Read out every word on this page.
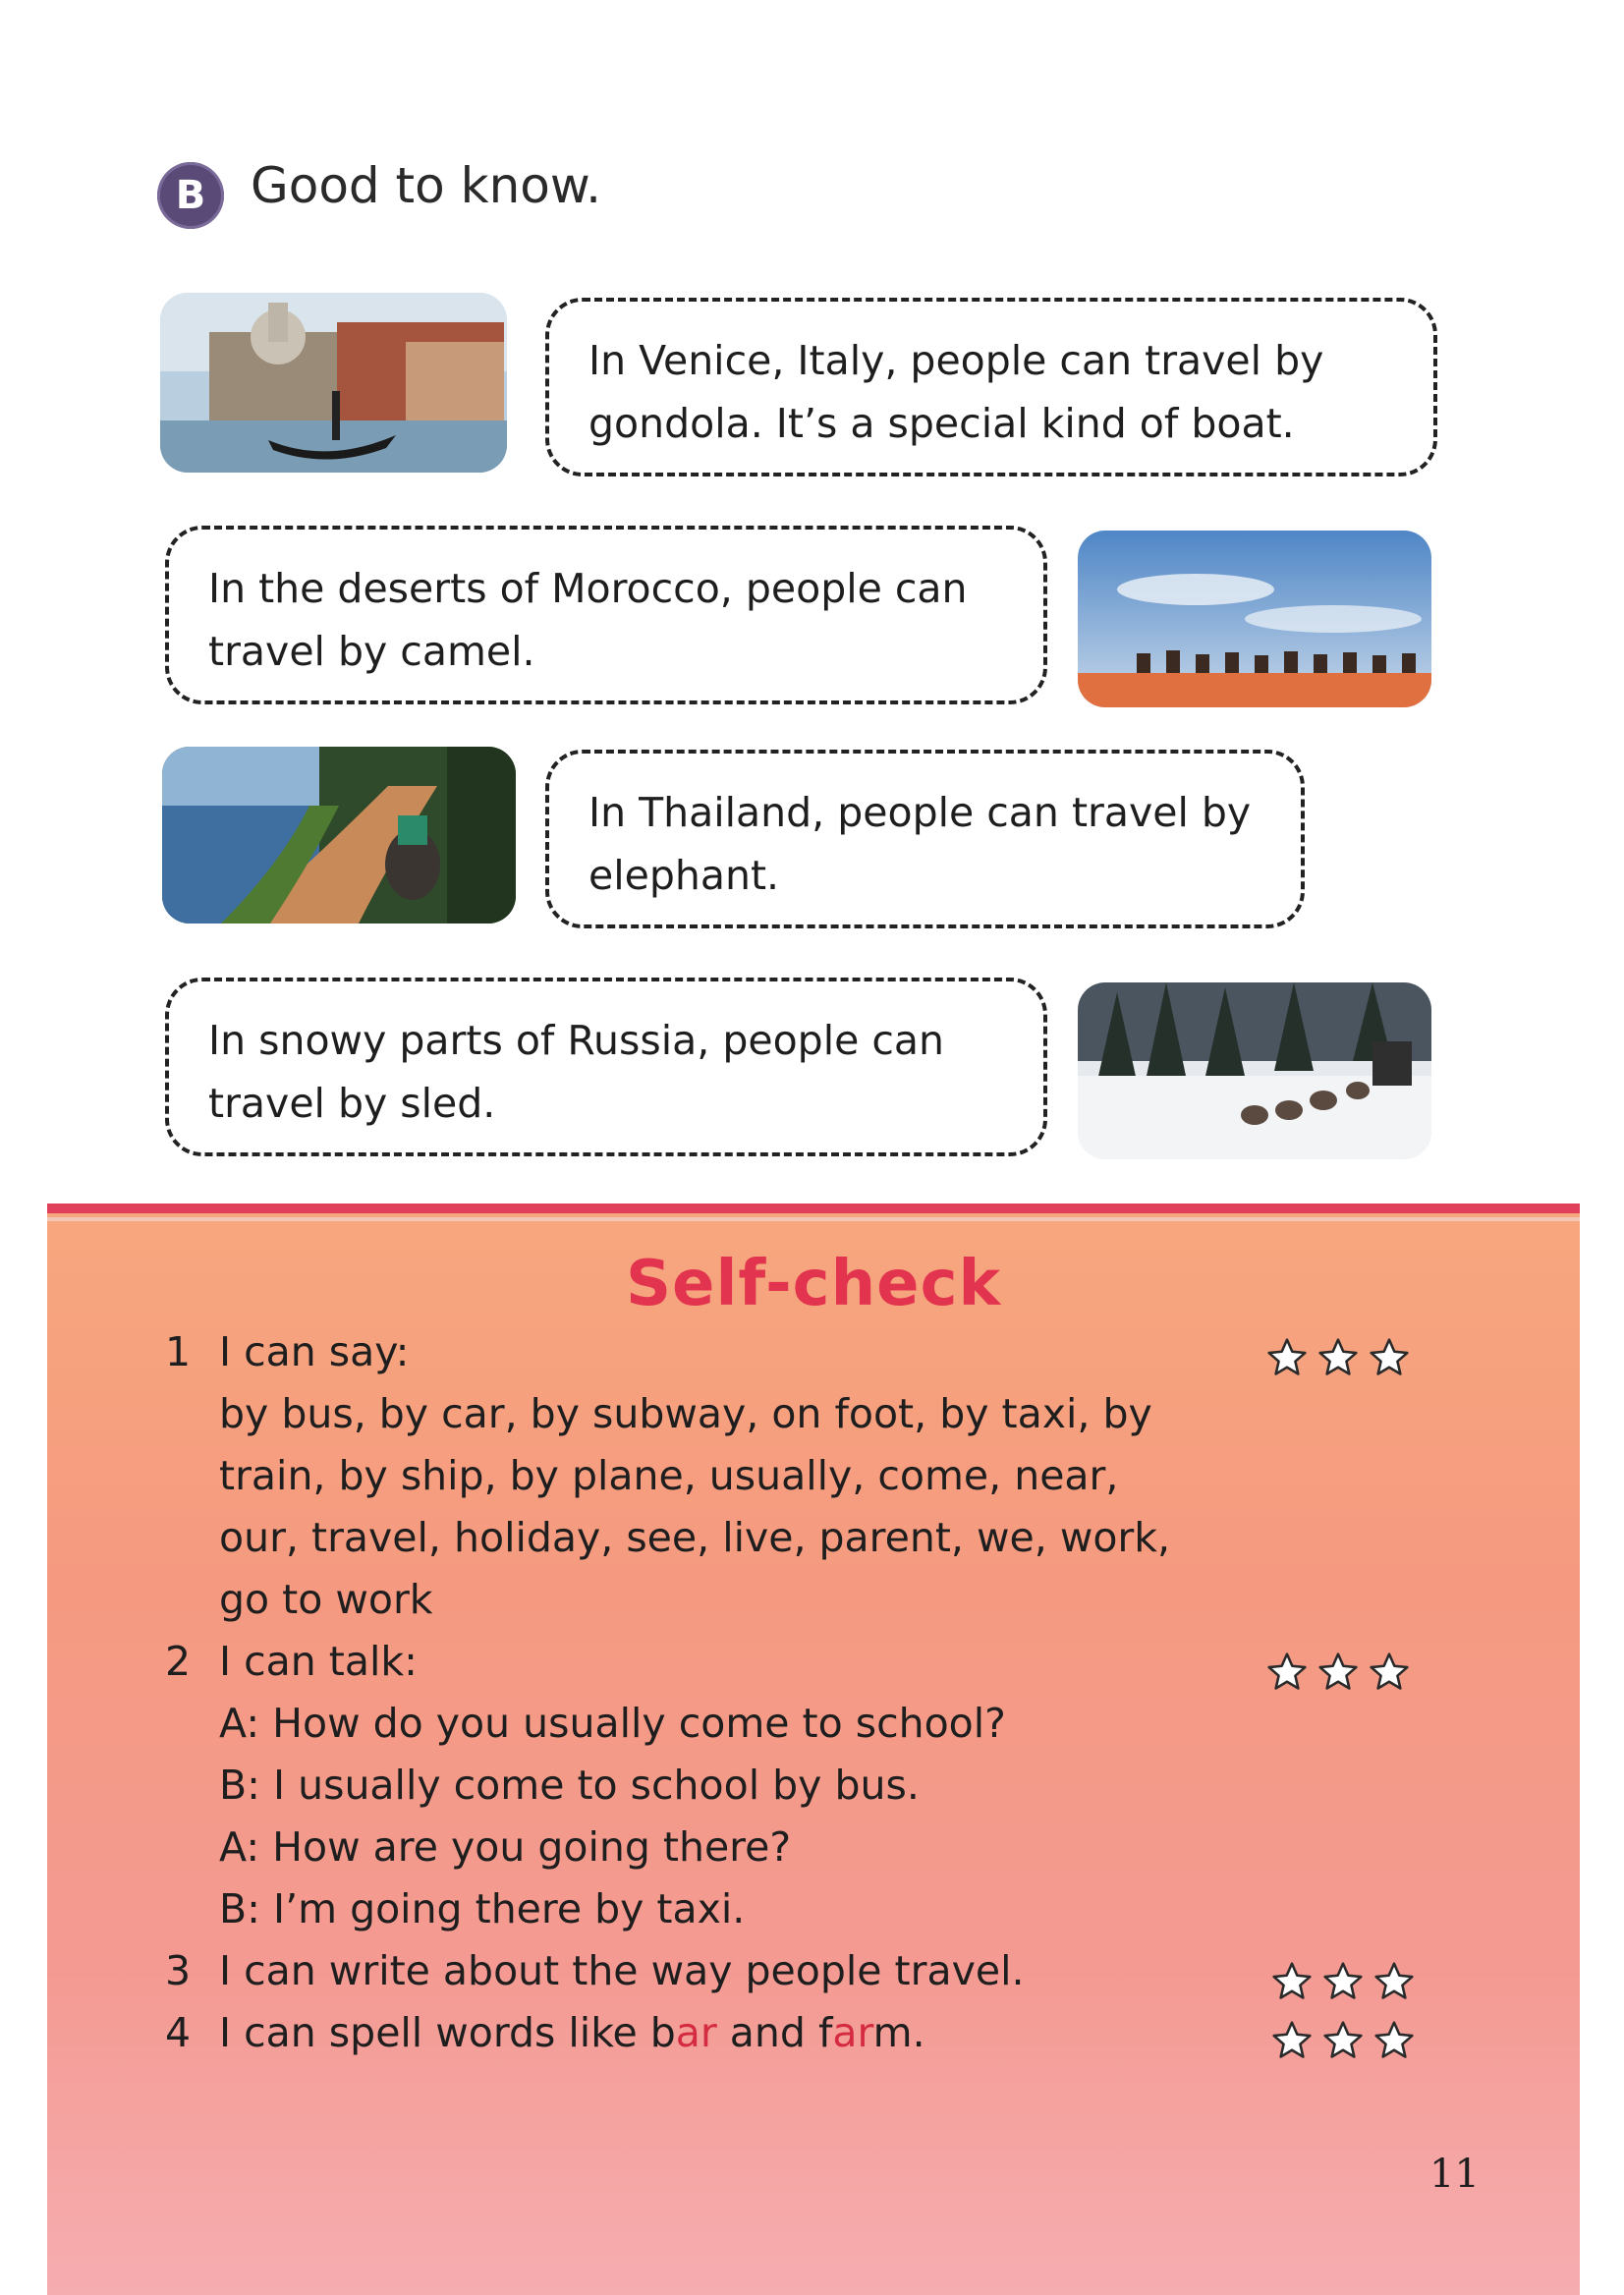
B Good to know.

In Venice, Italy, people can travel by

gondola. It’s a special kind of boat.

In the deserts of Morocco, people can

travel by camel.

In Thailand, people can travel by

elephant.

In snowy parts of Russia, people can

travel by sled.

Self-check
1 I can say:
by bus, by car, by subway, on foot, by taxi, by
train, by ship, by plane, usually, come, near,
our, travel, holiday, see, live, parent, we, work,
go to work
2 I can talk:
A: How do you usually come to school?
B: I usually come to school by bus.
A: How are you going there?
B: I’m going there by taxi.
3 I can write about the way people travel.
4 I can spell words like bar and farm.
11
